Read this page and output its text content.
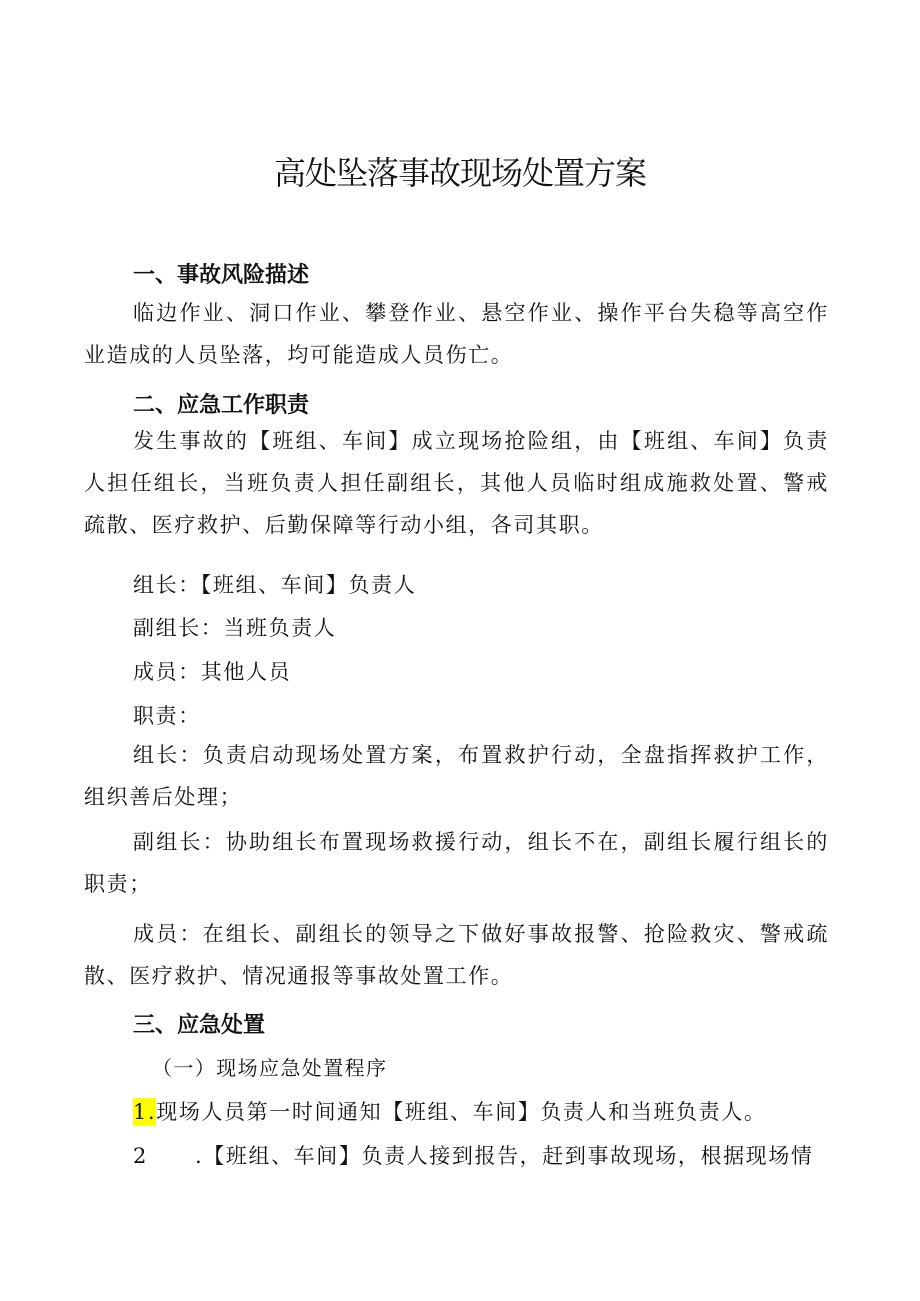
高处坠落事故现场处置方案
一、事故风险描述

临边作业、洞口作业、攀登作业、悬空作业、操作平台失稳等高空作业造成的人员坠落，均可能造成人员伤亡。

二、应急工作职责

发生事故的【班组、车间】成立现场抢险组，由【班组、车间】负责人担任组长，当班负责人担任副组长，其他人员临时组成施救处置、警戒疏散、医疗救护、后勤保障等行动小组，各司其职。

组长：【班组、车间】负责人

副组长：当班负责人

成员：其他人员

职责：

组长：负责启动现场处置方案，布置救护行动，全盘指挥救护工作，组织善后处理；

副组长：协助组长布置现场救援行动，组长不在，副组长履行组长的职责；

成员：在组长、副组长的领导之下做好事故报警、抢险救灾、警戒疏散、医疗救护、情况通报等事故处置工作。

三、应急处置

（一）现场应急处置程序

1.现场人员第一时间通知【班组、车间】负责人和当班负责人。

2 .【班组、车间】负责人接到报告，赶到事故现场，根据现场情
